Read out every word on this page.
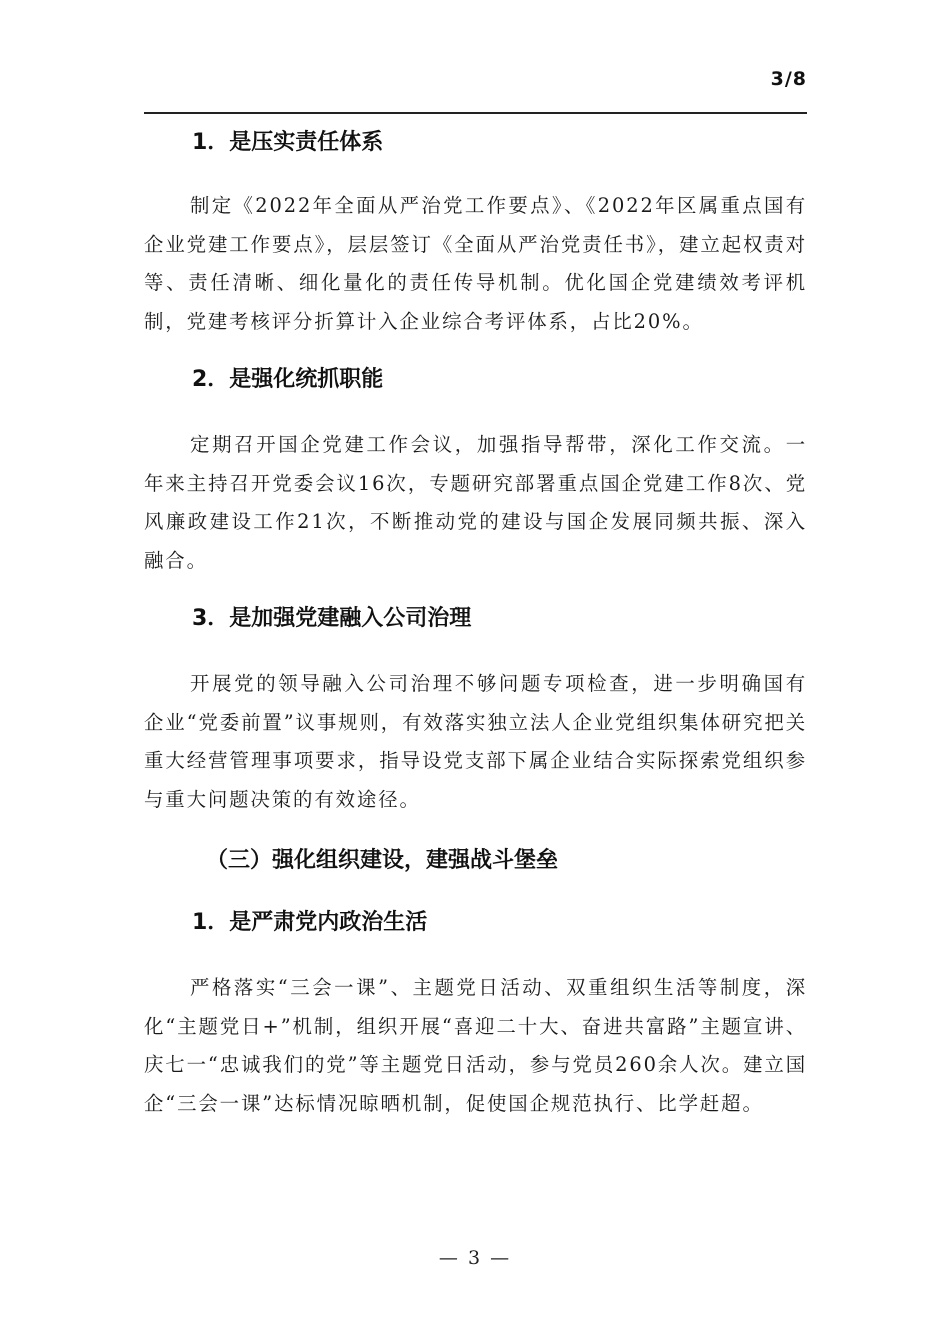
3/8
1．是压实责任体系

制定《2022年全面从严治党工作要点》、《2022年区属重点国有企业党建工作要点》，层层签订《全面从严治党责任书》，建立起权责对等、责任清晰、细化量化的责任传导机制。优化国企党建绩效考评机制，党建考核评分折算计入企业综合考评体系，占比20%。

2．是强化统抓职能

定期召开国企党建工作会议，加强指导帮带，深化工作交流。一年来主持召开党委会议16次，专题研究部署重点国企党建工作8次、党风廉政建设工作21次，不断推动党的建设与国企发展同频共振、深入融合。

3．是加强党建融入公司治理

开展党的领导融入公司治理不够问题专项检查，进一步明确国有企业“党委前置”议事规则，有效落实独立法人企业党组织集体研究把关重大经营管理事项要求，指导设党支部下属企业结合实际探索党组织参与重大问题决策的有效途径。

（三）强化组织建设，建强战斗堡垒
1．是严肃党内政治生活

严格落实“三会一课”、主题党日活动、双重组织生活等制度，深化“主题党日+”机制，组织开展“喜迎二十大、奋进共富路”主题宣讲、庆七一“忠诚我们的党”等主题党日活动，参与党员260余人次。建立国企“三会一课”达标情况晾晒机制，促使国企规范执行、比学赶超。

— 3 —
